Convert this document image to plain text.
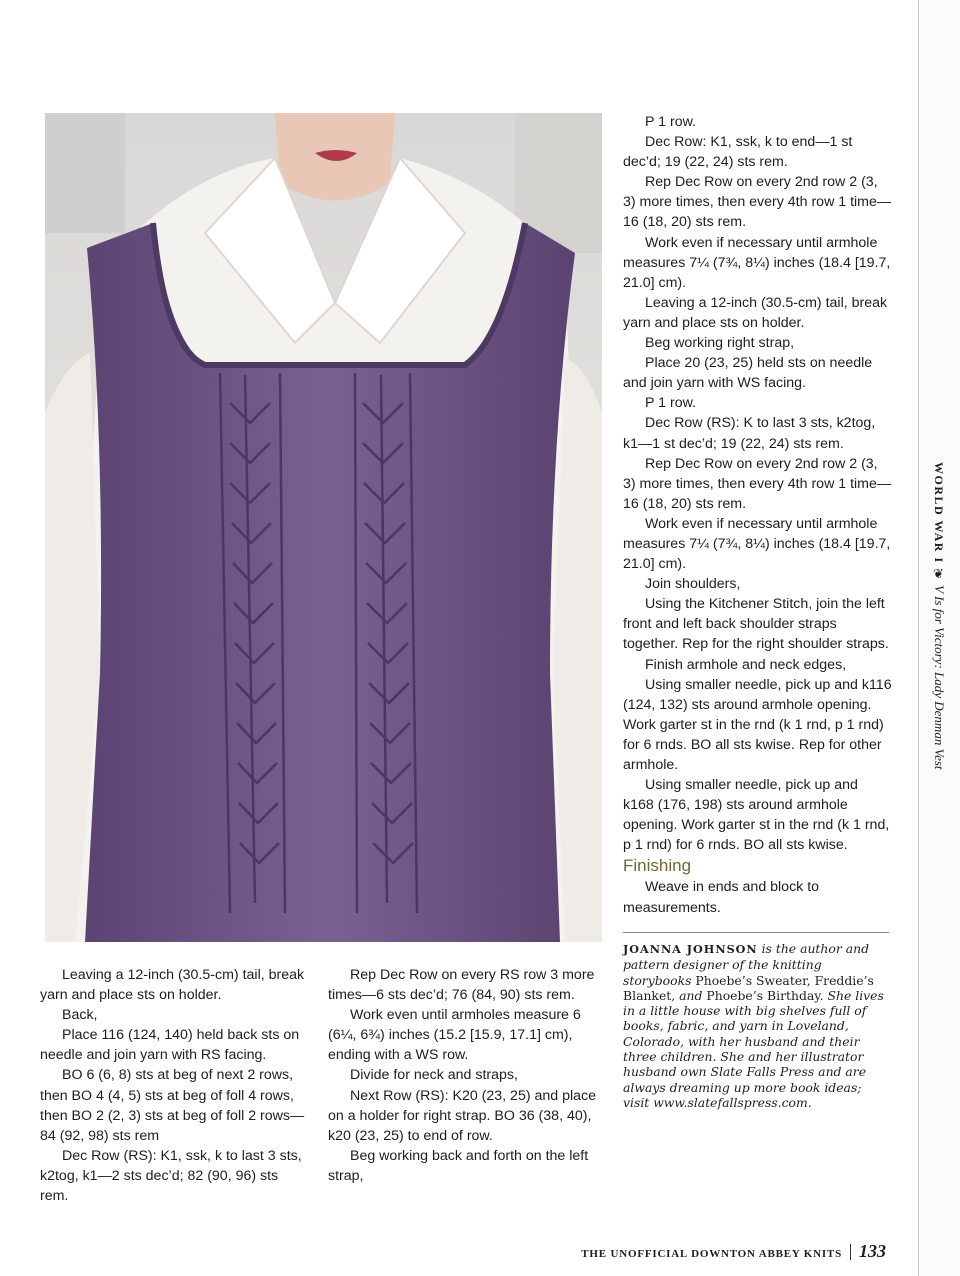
P 1 row.

Dec Row: K1, ssk, k to end—1 st dec’d; 19 (22, 24) sts rem.

Rep Dec Row on every 2nd row 2 (3, 3) more times, then every 4th row 1 time—16 (18, 20) sts rem.

Work even if necessary until armhole measures 7¼ (7¾, 8¼) inches (18.4 [19.7, 21.0] cm).

Leaving a 12-inch (30.5-cm) tail, break yarn and place sts on holder.

Beg working right strap,

Place 20 (23, 25) held sts on needle and join yarn with WS facing.

P 1 row.

Dec Row (RS): K to last 3 sts, k2tog, k1—1 st dec’d; 19 (22, 24) sts rem.

Rep Dec Row on every 2nd row 2 (3, 3) more times, then every 4th row 1 time—16 (18, 20) sts rem.

Work even if necessary until armhole measures 7¼ (7¾, 8¼) inches (18.4 [19.7, 21.0] cm).

Join shoulders,

Using the Kitchener Stitch, join the left front and left back shoulder straps together. Rep for the right shoulder straps.

Finish armhole and neck edges,

Using smaller needle, pick up and k116 (124, 132) sts around armhole opening. Work garter st in the rnd (k 1 rnd, p 1 rnd) for 6 rnds. BO all sts kwise. Rep for other armhole.

Using smaller needle, pick up and k168 (176, 198) sts around armhole opening. Work garter st in the rnd (k 1 rnd, p 1 rnd) for 6 rnds. BO all sts kwise.

Finishing

Weave in ends and block to measurements.

Leaving a 12-inch (30.5-cm) tail, break yarn and place sts on holder.

Back,

Place 116 (124, 140) held back sts on needle and join yarn with RS facing.

BO 6 (6, 8) sts at beg of next 2 rows, then BO 4 (4, 5) sts at beg of foll 4 rows, then BO 2 (2, 3) sts at beg of foll 2 rows—84 (92, 98) sts rem

Dec Row (RS): K1, ssk, k to last 3 sts, k2tog, k1—2 sts dec’d; 82 (90, 96) sts rem.

Rep Dec Row on every RS row 3 more times—6 sts dec’d; 76 (84, 90) sts rem.

Work even until armholes measure 6 (6¼, 6¾) inches (15.2 [15.9, 17.1] cm), ending with a WS row.

Divide for neck and straps,

Next Row (RS): K20 (23, 25) and place on a holder for right strap. BO 36 (38, 40), k20 (23, 25) to end of row.

Beg working back and forth on the left strap,

JOANNA JOHNSON is the author and pattern designer of the knitting storybooks Phoebe’s Sweater, Freddie’s Blanket, and Phoebe’s Birthday. She lives in a little house with big shelves full of books, fabric, and yarn in Loveland, Colorado, with her husband and their three children. She and her illustrator husband own Slate Falls Press and are always dreaming up more book ideas; visit www.slatefallspress.com.
WORLD WAR I ❦ V Is for Victory: Lady Denman Vest
THE UNOFFICIAL DOWNTON ABBEY KNITS 133
